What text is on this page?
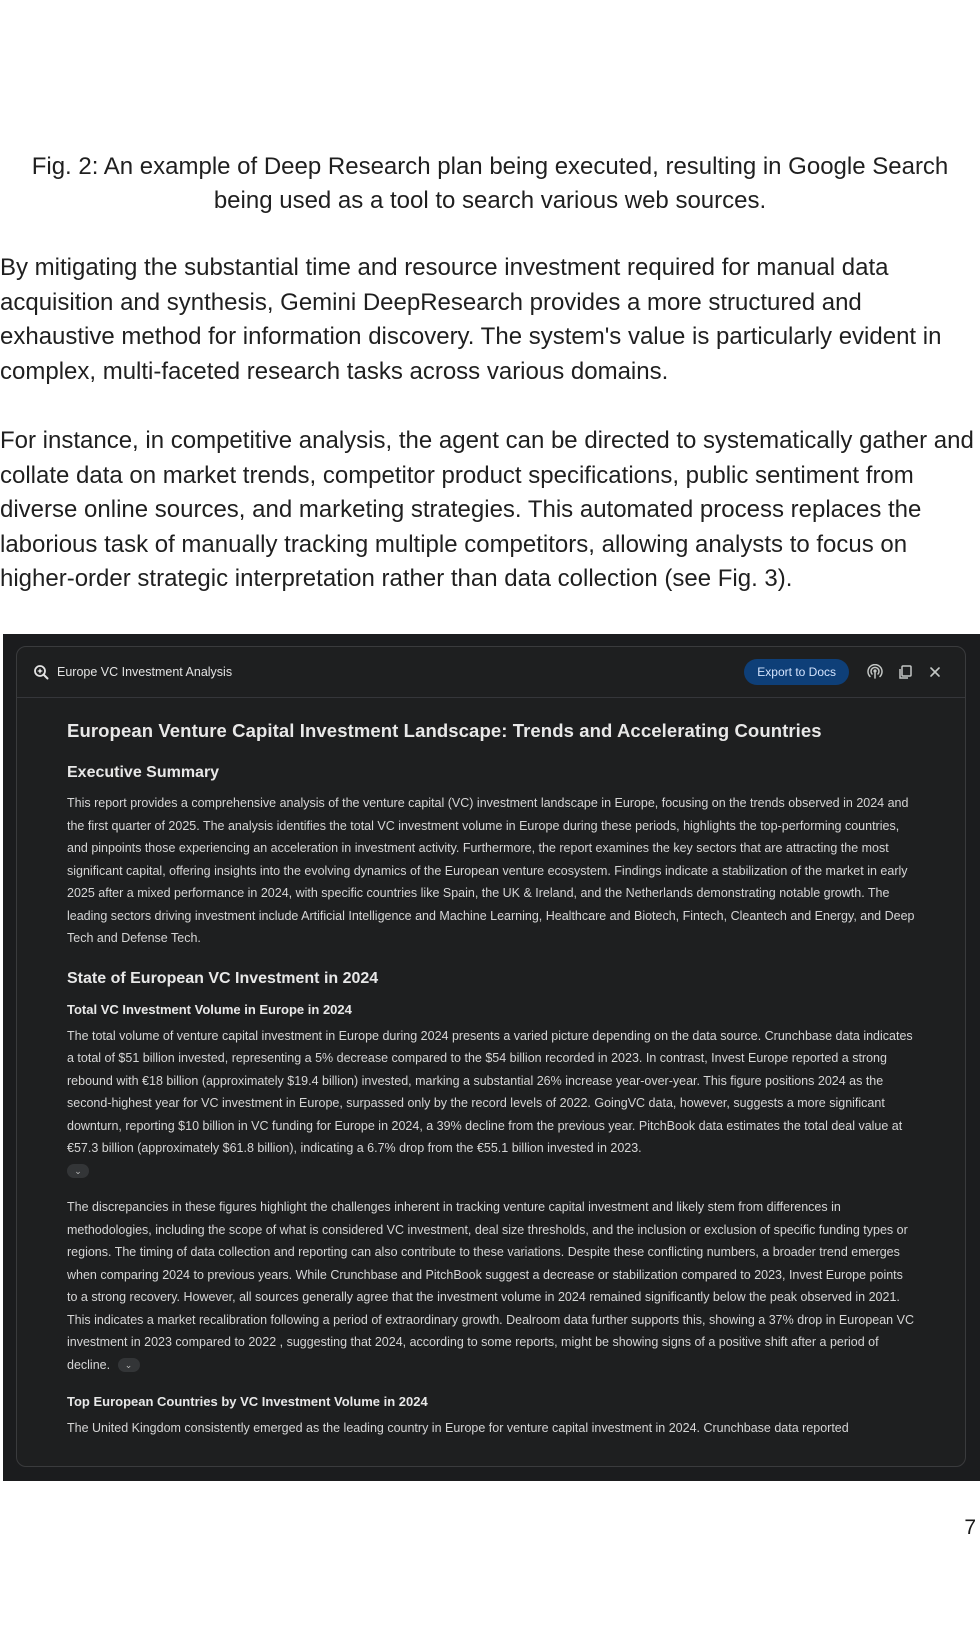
Fig. 2: An example of Deep Research plan being executed, resulting in Google Search being used as a tool to search various web sources.

By mitigating the substantial time and resource investment required for manual data acquisition and synthesis, Gemini DeepResearch provides a more structured and exhaustive method for information discovery. The system's value is particularly evident in complex, multi-faceted research tasks across various domains.

For instance, in competitive analysis, the agent can be directed to systematically gather and collate data on market trends, competitor product specifications, public sentiment from diverse online sources, and marketing strategies. This automated process replaces the laborious task of manually tracking multiple competitors, allowing analysts to focus on higher-order strategic interpretation rather than data collection (see Fig. 3).

Europe VC Investment Analysis	Export to Docs
European Venture Capital Investment Landscape: Trends and Accelerating Countries
Executive Summary

This report provides a comprehensive analysis of the venture capital (VC) investment landscape in Europe, focusing on the trends observed in 2024 and the first quarter of 2025. The analysis identifies the total VC investment volume in Europe during these periods, highlights the top-performing countries, and pinpoints those experiencing an acceleration in investment activity. Furthermore, the report examines the key sectors that are attracting the most significant capital, offering insights into the evolving dynamics of the European venture ecosystem. Findings indicate a stabilization of the market in early 2025 after a mixed performance in 2024, with specific countries like Spain, the UK & Ireland, and the Netherlands demonstrating notable growth. The leading sectors driving investment include Artificial Intelligence and Machine Learning, Healthcare and Biotech, Fintech, Cleantech and Energy, and Deep Tech and Defense Tech.

State of European VC Investment in 2024
Total VC Investment Volume in Europe in 2024

The total volume of venture capital investment in Europe during 2024 presents a varied picture depending on the data source. Crunchbase data indicates a total of $51 billion invested, representing a 5% decrease compared to the $54 billion recorded in 2023. In contrast, Invest Europe reported a strong rebound with €18 billion (approximately $19.4 billion) invested, marking a substantial 26% increase year-over-year. This figure positions 2024 as the second-highest year for VC investment in Europe, surpassed only by the record levels of 2022. GoingVC data, however, suggests a more significant downturn, reporting $10 billion in VC funding for Europe in 2024, a 39% decline from the previous year. PitchBook data estimates the total deal value at €57.3 billion (approximately $61.8 billion), indicating a 6.7% drop from the €55.1 billion invested in 2023.
⌄

The discrepancies in these figures highlight the challenges inherent in tracking venture capital investment and likely stem from differences in methodologies, including the scope of what is considered VC investment, deal size thresholds, and the inclusion or exclusion of specific funding types or regions. The timing of data collection and reporting can also contribute to these variations. Despite these conflicting numbers, a broader trend emerges when comparing 2024 to previous years. While Crunchbase and PitchBook suggest a decrease or stabilization compared to 2023, Invest Europe points to a strong recovery. However, all sources generally agree that the investment volume in 2024 remained significantly below the peak observed in 2021. This indicates a market recalibration following a period of extraordinary growth. Dealroom data further supports this, showing a 37% drop in European VC investment in 2023 compared to 2022 , suggesting that 2024, according to some reports, might be showing signs of a positive shift after a period of decline. ⌄

Top European Countries by VC Investment Volume in 2024

The United Kingdom consistently emerged as the leading country in Europe for venture capital investment in 2024. Crunchbase data reported

7
